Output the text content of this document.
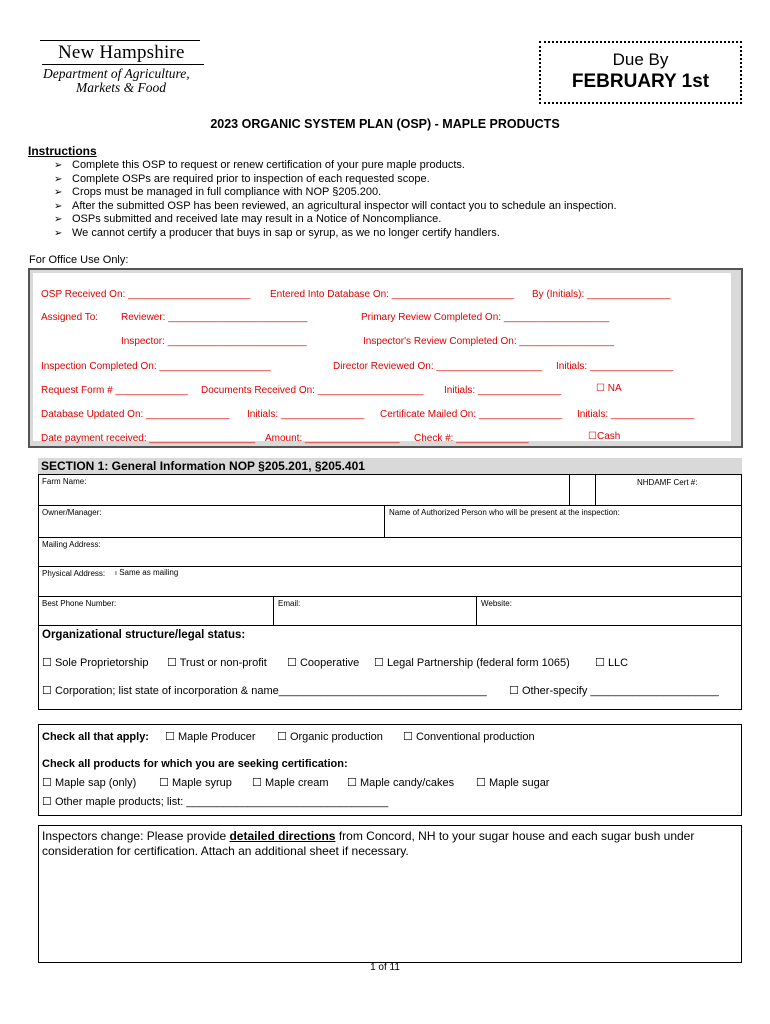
New Hampshire
Department of Agriculture,
Markets & Food
Due By
FEBRUARY 1st
2023 ORGANIC SYSTEM PLAN (OSP) - MAPLE PRODUCTS
Instructions
➢ Complete this OSP to request or renew certification of your pure maple products.
➢ Complete OSPs are required prior to inspection of each requested scope.
➢ Crops must be managed in full compliance with NOP §205.200.
➢ After the submitted OSP has been reviewed, an agricultural inspector will contact you to schedule an inspection.
➢ OSPs submitted and received late may result in a Notice of Noncompliance.
➢ We cannot certify a producer that buys in sap or syrup, as we no longer certify handlers.
For Office Use Only:
OSP Received On: ______________________ Entered Into Database On: ______________________ By (Initials): _______________
Assigned To: Reviewer: _________________________	Primary Review Completed On: ___________________
Inspector: _________________________	Inspector's Review Completed On: _________________
Inspection Completed On: ____________________	Director Reviewed On: ___________________ Initials: _______________
Request Form # _____________ Documents Received On: ___________________ Initials: _______________	☐ NA
Database Updated On: _______________ Initials: _______________ Certificate Mailed On: _______________ Initials: _______________
Date payment received: ___________________ Amount: _________________ Check #: _____________	☐Cash
SECTION 1: General Information NOP §205.201, §205.401
Farm Name:	NHDAMF Cert #:
Owner/Manager:	Name of Authorized Person who will be present at the inspection:
Mailing Address:
Physical Address: ı Same as mailing
Best Phone Number:	Email:	Website:
Organizational structure/legal status:
☐ Sole Proprietorship ☐ Trust or non-profit ☐ Cooperative ☐ Legal Partnership (federal form 1065) ☐ LLC
☐ Corporation; list state of incorporation & name__________________________________ ☐ Other-specify _____________________
Check all that apply: ☐ Maple Producer ☐ Organic production ☐ Conventional production
Check all products for which you are seeking certification:
☐ Maple sap (only) ☐ Maple syrup ☐ Maple cream ☐ Maple candy/cakes ☐ Maple sugar
☐ Other maple products; list: _________________________________
Inspectors change: Please provide detailed directions from Concord, NH to your sugar house and each sugar bush under consideration for certification. Attach an additional sheet if necessary.
1 of 11
